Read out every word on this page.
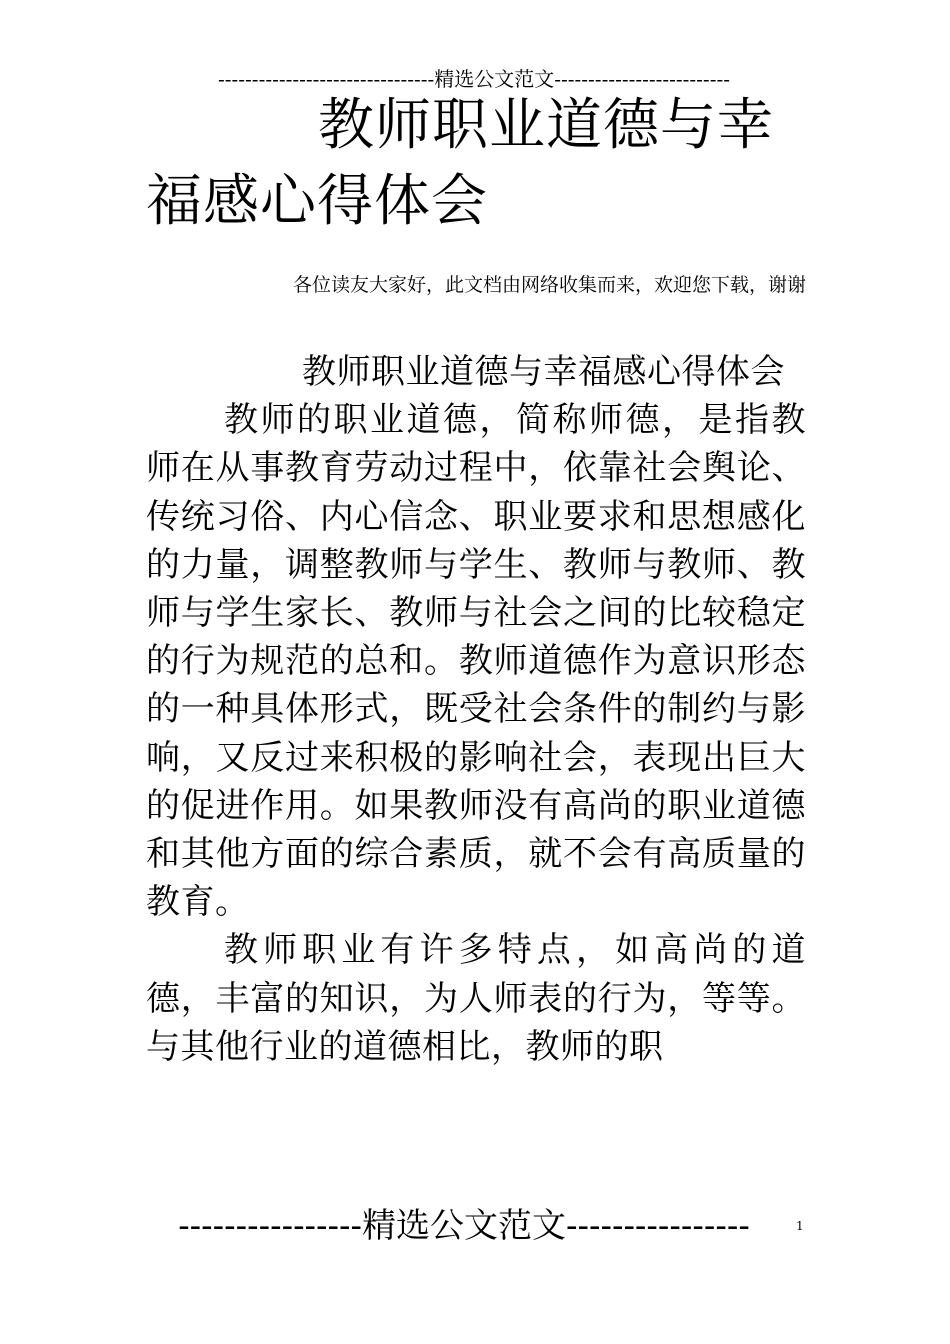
--------------------------------精选公文范文--------------------------
教师职业道德与幸福感心得体会
各位读友大家好，此文档由网络收集而来，欢迎您下载，谢谢

教师职业道德与幸福感心得体会

教师的职业道德，简称师德，是指教师在从事教育劳动过程中，依靠社会舆论、传统习俗、内心信念、职业要求和思想感化的力量，调整教师与学生、教师与教师、教师与学生家长、教师与社会之间的比较稳定的行为规范的总和。教师道德作为意识形态的一种具体形式，既受社会条件的制约与影响，又反过来积极的影响社会，表现出巨大的促进作用。如果教师没有高尚的职业道德和其他方面的综合素质，就不会有高质量的教育。

教师职业有许多特点，如高尚的道德，丰富的知识，为人师表的行为，等等。与其他行业的道德相比，教师的职

----------------精选公文范文----------------	1
